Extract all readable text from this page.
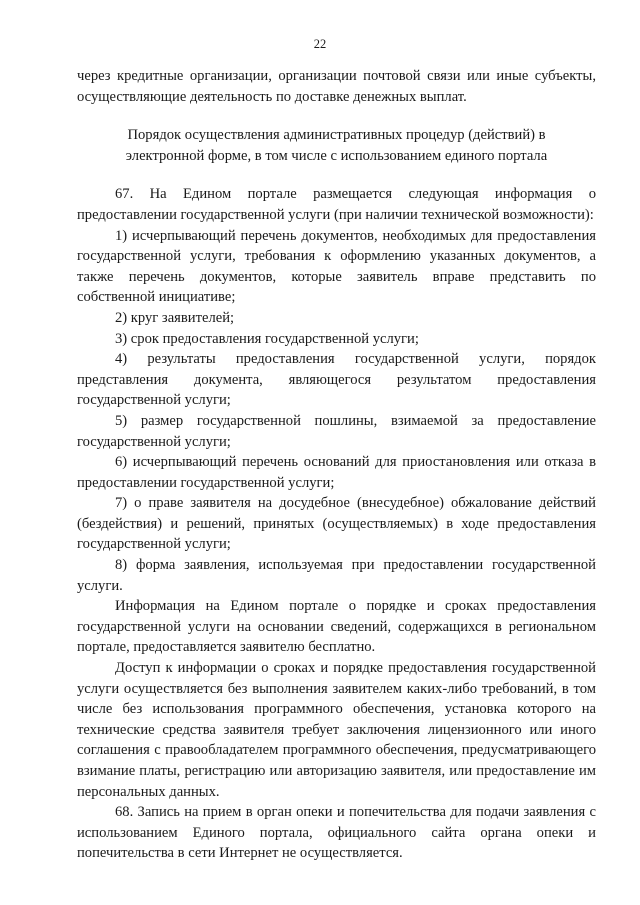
22

через кредитные организации, организации почтовой связи или иные субъекты, осуществляющие деятельность по доставке денежных выплат.

Порядок осуществления административных процедур (действий) в
электронной форме, в том числе с использованием единого портала

67. На Едином портале размещается следующая информация о предоставлении государственной услуги (при наличии технической возможности):

1) исчерпывающий перечень документов, необходимых для предоставления государственной услуги, требования к оформлению указанных документов, а также перечень документов, которые заявитель вправе представить по собственной инициативе;

2) круг заявителей;

3) срок предоставления государственной услуги;

4) результаты предоставления государственной услуги, порядок представления документа, являющегося результатом предоставления государственной услуги;

5) размер государственной пошлины, взимаемой за предоставление государственной услуги;

6) исчерпывающий перечень оснований для приостановления или отказа в предоставлении государственной услуги;

7) о праве заявителя на досудебное (внесудебное) обжалование действий (бездействия) и решений, принятых (осуществляемых) в ходе предоставления государственной услуги;

8) форма заявления, используемая при предоставлении государственной услуги.

Информация на Едином портале о порядке и сроках предоставления государственной услуги на основании сведений, содержащихся в региональном портале, предоставляется заявителю бесплатно.

Доступ к информации о сроках и порядке предоставления государственной услуги осуществляется без выполнения заявителем каких-либо требований, в том числе без использования программного обеспечения, установка которого на технические средства заявителя требует заключения лицензионного или иного соглашения с правообладателем программного обеспечения, предусматривающего взимание платы, регистрацию или авторизацию заявителя, или предоставление им персональных данных.

68. Запись на прием в орган опеки и попечительства для подачи заявления с использованием Единого портала, официального сайта органа опеки и попечительства в сети Интернет не осуществляется.
